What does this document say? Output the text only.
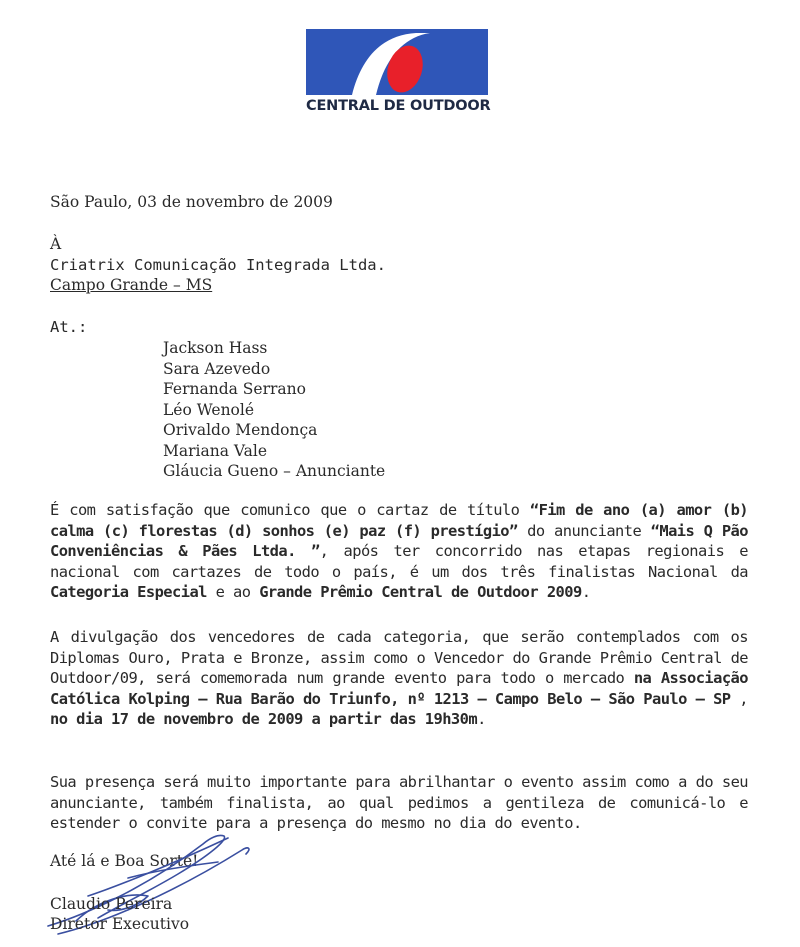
CENTRAL DE OUTDOOR
São Paulo, 03 de novembro de 2009
À
Criatrix Comunicação Integrada Ltda.
Campo Grande – MS
At.:
Jackson Hass
Sara Azevedo
Fernanda Serrano
Léo Wenolé
Orivaldo Mendonça
Mariana Vale
Gláucia Gueno – Anunciante
É com satisfação que comunico que o cartaz de título “Fim de ano (a) amor (b) calma (c) florestas (d) sonhos (e) paz (f) prestígio” do anunciante “Mais Q Pão Conveniências & Pães Ltda. ”, após ter concorrido nas etapas regionais e nacional com cartazes de todo o país, é um dos três finalistas Nacional da Categoria Especial e ao Grande Prêmio Central de Outdoor 2009.
A divulgação dos vencedores de cada categoria, que serão contemplados com os Diplomas Ouro, Prata e Bronze, assim como o Vencedor do Grande Prêmio Central de Outdoor/09, será comemorada num grande evento para todo o mercado na Associação Católica Kolping – Rua Barão do Triunfo, nº 1213 – Campo Belo – São Paulo – SP , no dia 17 de novembro de 2009 a partir das 19h30m.
Sua presença será muito importante para abrilhantar o evento assim como a do seu anunciante, também finalista, ao qual pedimos a gentileza de comunicá-lo e estender o convite para a presença do mesmo no dia do evento.
Até lá e Boa Sorte!
Claudio Pereira
Diretor Executivo
